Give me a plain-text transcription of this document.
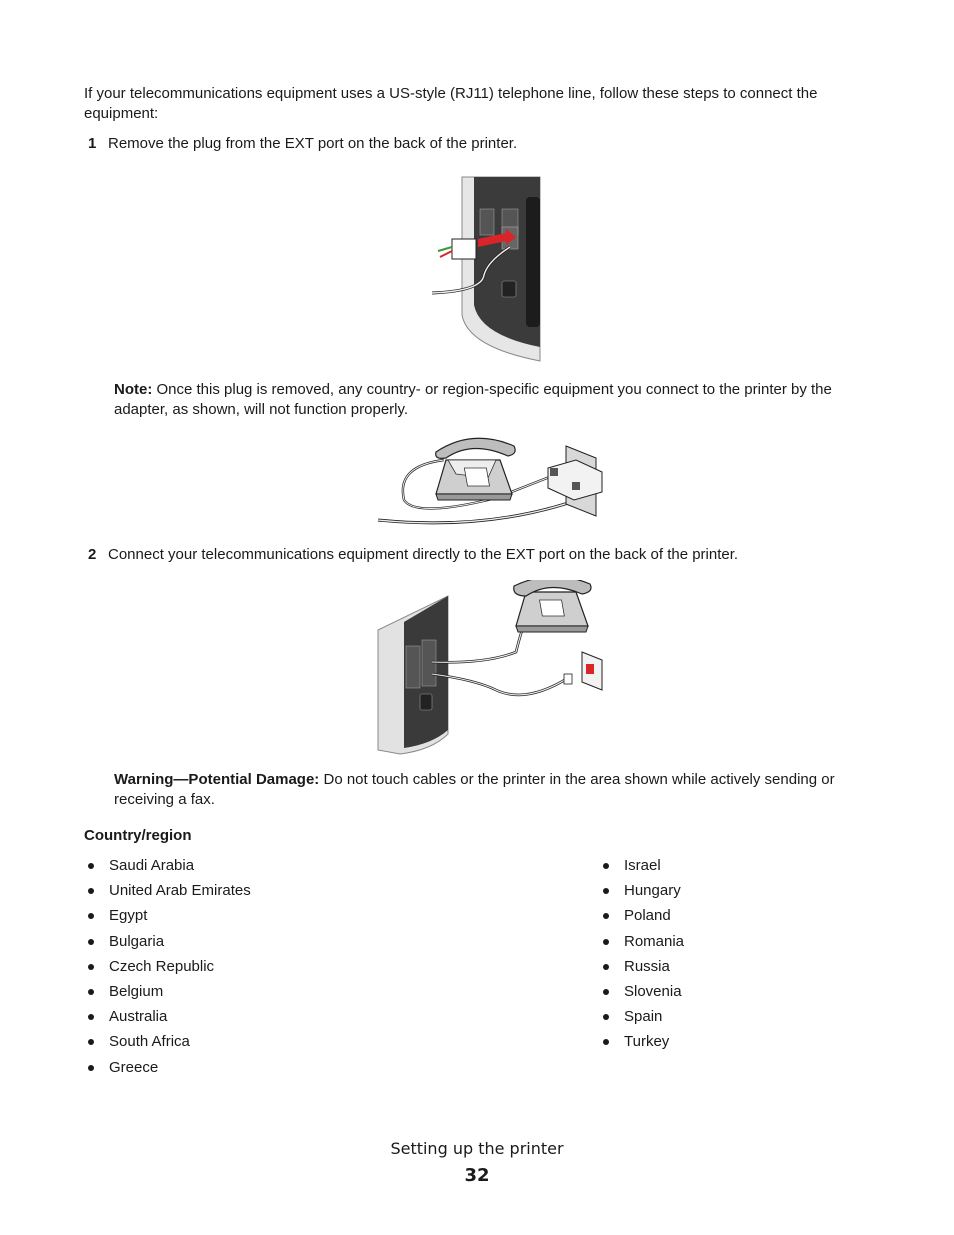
If your telecommunications equipment uses a US-style (RJ11) telephone line, follow these steps to connect the equipment:
1 Remove the plug from the EXT port on the back of the printer.
Note: Once this plug is removed, any country- or region-specific equipment you connect to the printer by the adapter, as shown, will not function properly.
2 Connect your telecommunications equipment directly to the EXT port on the back of the printer.
Warning—Potential Damage: Do not touch cables or the printer in the area shown while actively sending or receiving a fax.
Country/region
Saudi Arabia
United Arab Emirates
Egypt
Bulgaria
Czech Republic
Belgium
Australia
South Africa
Greece
Israel
Hungary
Poland
Romania
Russia
Slovenia
Spain
Turkey
Setting up the printer
32
